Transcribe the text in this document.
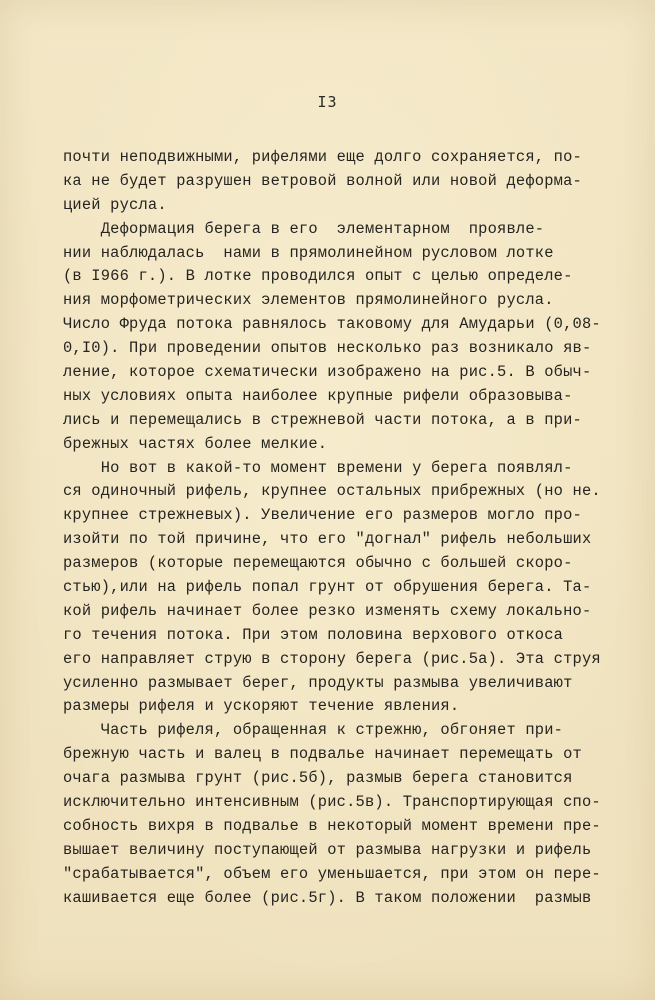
I3
почти неподвижными, рифелями еще долго сохраняется, по-
ка не будет разрушен ветровой волной или новой деформа-
цией русла.
Деформация берега в его  элементарном  проявле-
нии наблюдалась  нами в прямолинейном русловом лотке
(в I966 г.). В лотке проводился опыт с целью определе-
ния морфометрических элементов прямолинейного русла.
Число Фруда потока равнялось таковому для Амударьи (0,08-
0,I0). При проведении опытов несколько раз возникало яв-
ление, которое схематически изображено на рис.5. В обыч-
ных условиях опыта наиболее крупные рифели образовыва-
лись и перемещались в стрежневой части потока, а в при-
брежных частях более мелкие.
Но вот в какой-то момент времени у берега появлял-
ся одиночный рифель, крупнее остальных прибрежных (но не.
крупнее стрежневых). Увеличение его размеров могло про-
изойти по той причине, что его "догнал" рифель небольших
размеров (которые перемещаются обычно с большей скоро-
стью),или на рифель попал грунт от обрушения берега. Та-
кой рифель начинает более резко изменять схему локально-
го течения потока. При этом половина верхового откоса
его направляет струю в сторону берега (рис.5а). Эта струя
усиленно размывает берег, продукты размыва увеличивают
размеры рифеля и ускоряют течение явления.
Часть рифеля, обращенная к стрежню, обгоняет при-
брежную часть и валец в подвалье начинает перемещать от
очага размыва грунт (рис.5б), размыв берега становится
исключительно интенсивным (рис.5в). Транспортирующая спо-
собность вихря в подвалье в некоторый момент времени пре-
вышает величину поступающей от размыва нагрузки и рифель
"срабатывается", объем его уменьшается, при этом он пере-
кашивается еще более (рис.5г). В таком положении  размыв
